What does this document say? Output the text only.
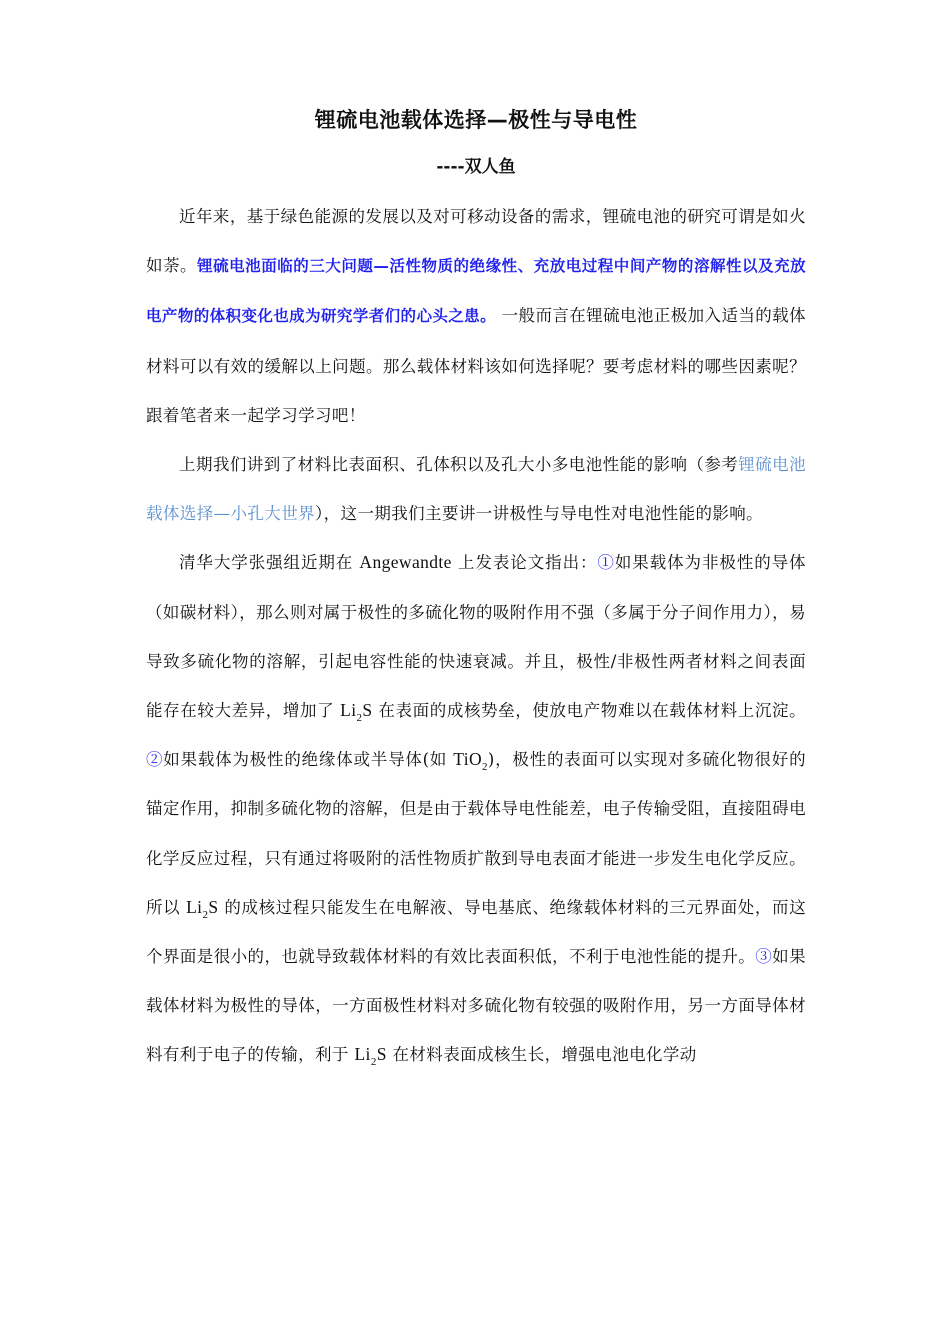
锂硫电池载体选择—极性与导电性
----双人鱼

近年来，基于绿色能源的发展以及对可移动设备的需求，锂硫电池的研究可谓是如火如荼。锂硫电池面临的三大问题—活性物质的绝缘性、充放电过程中间产物的溶解性以及充放电产物的体积变化也成为研究学者们的心头之患。 一般而言在锂硫电池正极加入适当的载体材料可以有效的缓解以上问题。那么载体材料该如何选择呢？要考虑材料的哪些因素呢？跟着笔者来一起学习学习吧！

上期我们讲到了材料比表面积、孔体积以及孔大小多电池性能的影响（参考锂硫电池载体选择—小孔大世界），这一期我们主要讲一讲极性与导电性对电池性能的影响。

清华大学张强组近期在 Angewandte 上发表论文指出：①如果载体为非极性的导体（如碳材料），那么则对属于极性的多硫化物的吸附作用不强（多属于分子间作用力），易导致多硫化物的溶解，引起电容性能的快速衰减。并且，极性/非极性两者材料之间表面能存在较大差异，增加了 $Li_2S$ 在表面的成核势垒，使放电产物难以在载体材料上沉淀。②如果载体为极性的绝缘体或半导体(如 TiO$_2$)，极性的表面可以实现对多硫化物很好的锚定作用，抑制多硫化物的溶解，但是由于载体导电性能差，电子传输受阻，直接阻碍电化学反应过程，只有通过将吸附的活性物质扩散到导电表面才能进一步发生电化学反应。所以 $Li_2S$ 的成核过程只能发生在电解液、导电基底、绝缘载体材料的三元界面处，而这个界面是很小的，也就导致载体材料的有效比表面积低，不利于电池性能的提升。③如果载体材料为极性的导体，一方面极性材料对多硫化物有较强的吸附作用，另一方面导体材料有利于电子的传输，利于 $Li_2S$ 在材料表面成核生长，增强电池电化学动
